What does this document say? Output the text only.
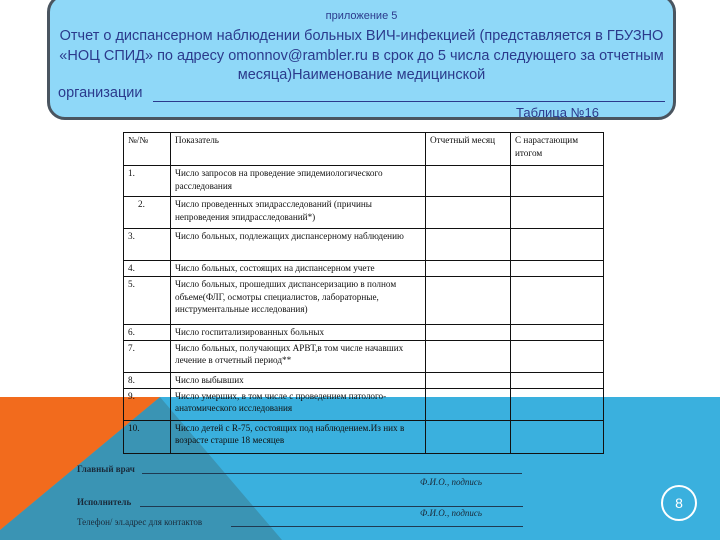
приложение 5
Отчет о диспансерном наблюдении больных ВИЧ-инфекцией (представляется в ГБУЗНО «НОЦ СПИД» по адресу omonnov@rambler.ru в срок до 5 числа следующего за отчетным месяца)Наименование медицинской
организации
Таблица №16
№/№	Показатель	Отчетный месяц	С нарастающим итогом
1.	Число запросов на проведение эпидемиологического расследования		
2.	Число проведенных эпидрасследований (причины непроведения эпидрасследований*)		
3.	Число больных, подлежащих диспансерному наблюдению		
4.	Число больных, состоящих на диспансерном учете		
5.	Число больных, прошедших диспансеризацию в полном объеме(ФЛГ, осмотры специалистов, лабораторные, инструментальные исследования)		
6.	Число госпитализированных больных		
7.	Число больных, получающих АРВТ,в том числе начавших лечение в отчетный период**		
8.	Число выбывших		
9.	Число умерших, в том числе с проведением патолого-анатомического исследования		
10.	Число детей с R-75, состоящих под наблюдением.Из них в возрасте старше 18 месяцев		
Главный врач
Ф.И.О., подпись
Исполнитель
Ф.И.О., подпись
Телефон/ эл.адрес для контактов
8
